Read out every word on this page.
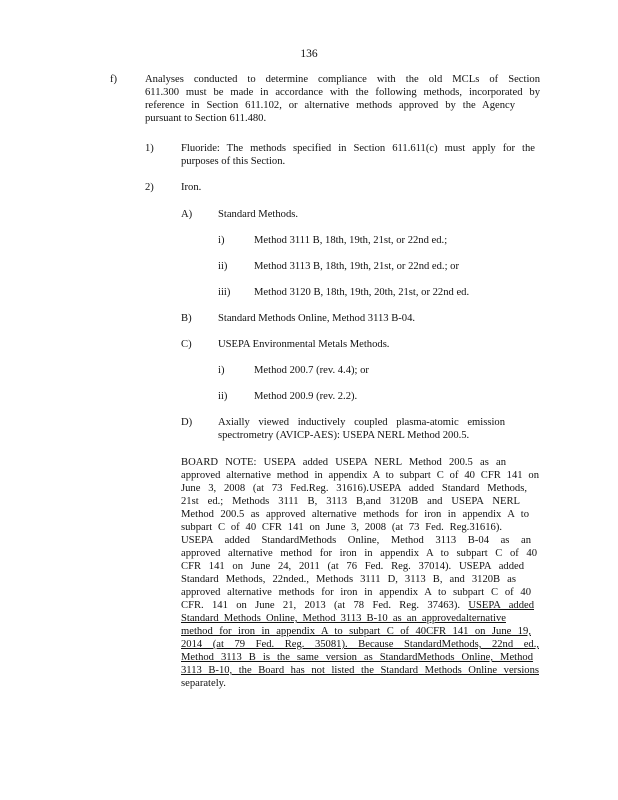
136
f)	Analyses conducted to determine compliance with the old MCLs of Section
611.300 must be made in accordance with the following methods, incorporated by
reference in Section 611.102, or alternative methods approved by the Agency
pursuant to Section 611.480.
1)	Fluoride: The methods specified in Section 611.611(c) must apply for the
purposes of this Section.
2)	Iron.
A) Standard Methods.
i)	Method 3111 B, 18th, 19th, 21st, or 22nd ed.;
ii)	Method 3113 B, 18th, 19th, 21st, or 22nd ed.; or
iii) Method 3120 B, 18th, 19th, 20th, 21st, or 22nd ed.
B) Standard Methods Online, Method 3113 B-04.
C) USEPA Environmental Metals Methods.
i)	Method 200.7 (rev. 4.4); or
ii)	Method 200.9 (rev. 2.2).
D) Axially viewed inductively coupled plasma-atomic emission
spectrometry (AVICP-AES): USEPA NERL Method 200.5.
BOARD NOTE: USEPA added USEPA NERL Method 200.5 as an
approved alternative method in appendix A to subpart C of 40 CFR 141 on
June 3, 2008 (at 73 Fed.Reg. 31616).USEPA added Standard Methods,
21st ed.; Methods 3111 B, 3113 B,and 3120B and USEPA NERL
Method 200.5 as approved alternative methods for iron in appendix A to
subpart C of 40 CFR 141 on June 3, 2008 (at 73 Fed. Reg.31616).
USEPA added StandardMethods Online, Method 3113 B-04 as an
approved alternative method for iron in appendix A to subpart C of 40
CFR 141 on June 24, 2011 (at 76 Fed. Reg. 37014). USEPA added
Standard Methods, 22nded., Methods 3111 D, 3113 B, and 3120B as
approved alternative methods for iron in appendix A to subpart C of 40
CFR. 141 on June 21, 2013 (at 78 Fed. Reg. 37463). USEPA added
Standard Methods Online, Method 3113 B-10 as an approvedalternative
method for iron in appendix A to subpart C of 40CFR 141 on June 19,
2014 (at 79 Fed. Reg. 35081). Because StandardMethods, 22nd ed.,
Method 3113 B is the same version as StandardMethods Online, Method
3113 B-10, the Board has not listed the Standard Methods Online versions
separately.
